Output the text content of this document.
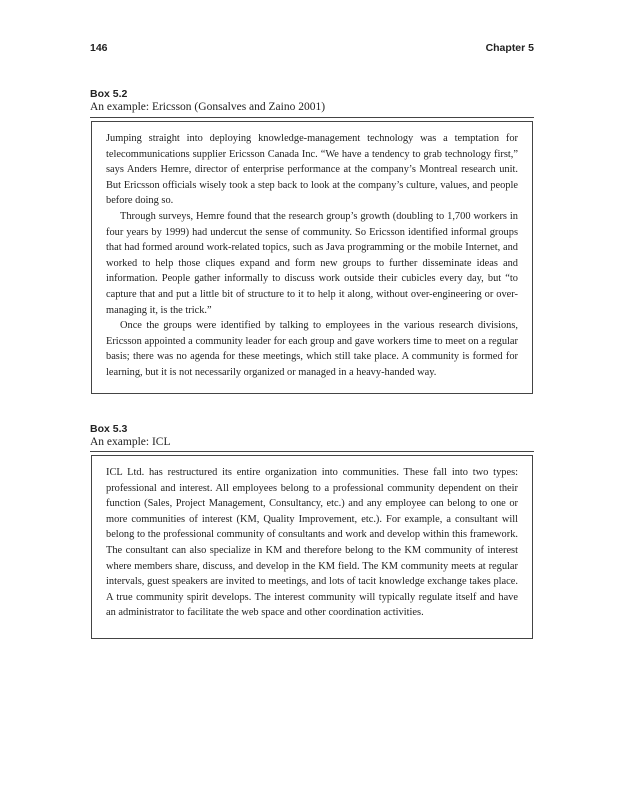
146	Chapter 5
Box 5.2
An example: Ericsson (Gonsalves and Zaino 2001)

Jumping straight into deploying knowledge-management technology was a temptation for telecommunications supplier Ericsson Canada Inc. “We have a tendency to grab technology first,” says Anders Hemre, director of enterprise performance at the company’s Montreal research unit. But Ericsson officials wisely took a step back to look at the company’s culture, values, and people before doing so.

Through surveys, Hemre found that the research group’s growth (doubling to 1,700 workers in four years by 1999) had undercut the sense of community. So Ericsson identified informal groups that had formed around work-related topics, such as Java programming or the mobile Internet, and worked to help those cliques expand and form new groups to further disseminate ideas and information. People gather informally to discuss work outside their cubicles every day, but “to capture that and put a little bit of structure to it to help it along, without over-engineering or over-managing it, is the trick.”

Once the groups were identified by talking to employees in the various research divisions, Ericsson appointed a community leader for each group and gave workers time to meet on a regular basis; there was no agenda for these meetings, which still take place. A community is formed for learning, but it is not necessarily organized or managed in a heavy-handed way.

Box 5.3
An example: ICL

ICL Ltd. has restructured its entire organization into communities. These fall into two types: professional and interest. All employees belong to a professional community dependent on their function (Sales, Project Management, Consultancy, etc.) and any employee can belong to one or more communities of interest (KM, Quality Improvement, etc.). For example, a consultant will belong to the professional community of consultants and work and develop within this framework. The consultant can also specialize in KM and therefore belong to the KM community of interest where members share, discuss, and develop in the KM field. The KM community meets at regular intervals, guest speakers are invited to meetings, and lots of tacit knowledge exchange takes place. A true community spirit develops. The interest community will typically regulate itself and have an administrator to facilitate the web space and other coordination activities.
